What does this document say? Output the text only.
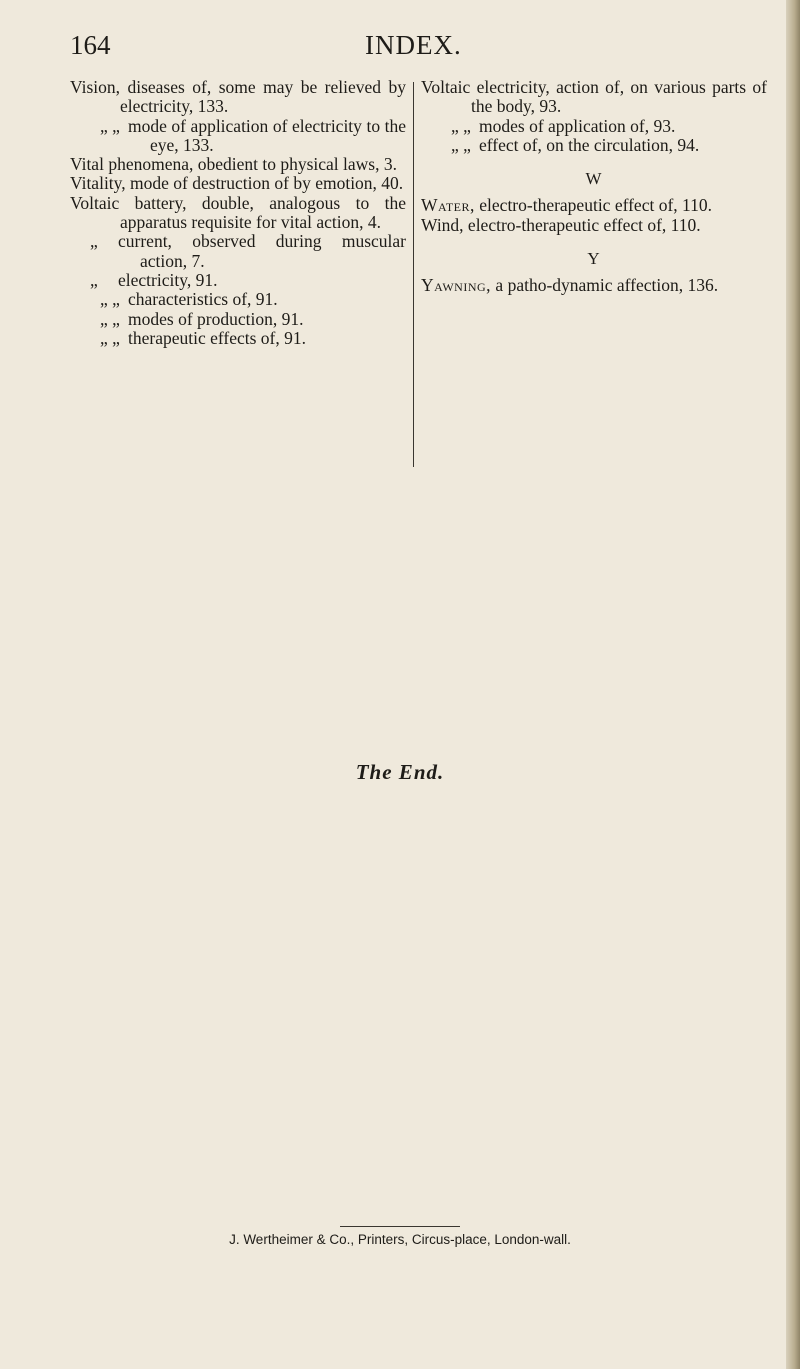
164	INDEX.
Vision, diseases of, some may be relieved by electricity, 133.
„ „ mode of application of electricity to the eye, 133.
Vital phenomena, obedient to physical laws, 3.
Vitality, mode of destruction of by emotion, 40.
Voltaic battery, double, analogous to the apparatus requisite for vital action, 4.
„ current, observed during muscular action, 7.
„ electricity, 91.
„ „ characteristics of, 91.
„ „ modes of production, 91.
„ „ therapeutic effects of, 91.
Voltaic electricity, action of, on various parts of the body, 93.
„ „ modes of application of, 93.
„ „ effect of, on the circulation, 94.
W
Water, electro-therapeutic effect of, 110.
Wind, electro-therapeutic effect of, 110.
Y
Yawning, a patho-dynamic affection, 136.
The End.
J. Wertheimer & Co., Printers, Circus-place, London-wall.
